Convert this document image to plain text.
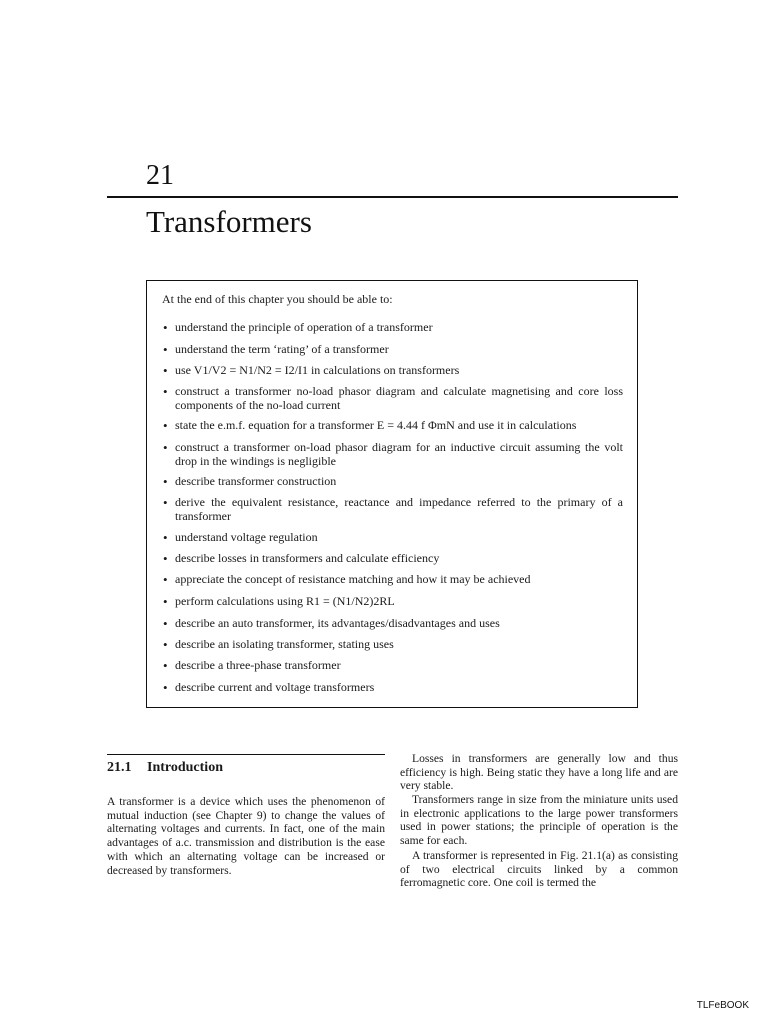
21
Transformers
At the end of this chapter you should be able to:
• understand the principle of operation of a transformer
• understand the term ‘rating’ of a transformer
• use V1/V2 = N1/N2 = I2/I1 in calculations on transformers
• construct a transformer no-load phasor diagram and calculate magnetising and core loss components of the no-load current
• state the e.m.f. equation for a transformer E = 4.44 f ΦmN and use it in calculations
• construct a transformer on-load phasor diagram for an inductive circuit assuming the volt drop in the windings is negligible
• describe transformer construction
• derive the equivalent resistance, reactance and impedance referred to the primary of a transformer
• understand voltage regulation
• describe losses in transformers and calculate efficiency
• appreciate the concept of resistance matching and how it may be achieved
• perform calculations using R1 = (N1/N2)2RL
• describe an auto transformer, its advantages/disadvantages and uses
• describe an isolating transformer, stating uses
• describe a three-phase transformer
• describe current and voltage transformers
21.1 Introduction

A transformer is a device which uses the phenomenon of mutual induction (see Chapter 9) to change the values of alternating voltages and currents. In fact, one of the main advantages of a.c. transmission and distribution is the ease with which an alternating voltage can be increased or decreased by transformers.

Losses in transformers are generally low and thus efficiency is high. Being static they have a long life and are very stable.

Transformers range in size from the miniature units used in electronic applications to the large power transformers used in power stations; the principle of operation is the same for each.

A transformer is represented in Fig. 21.1(a) as consisting of two electrical circuits linked by a common ferromagnetic core. One coil is termed the

TLFeBOOK
